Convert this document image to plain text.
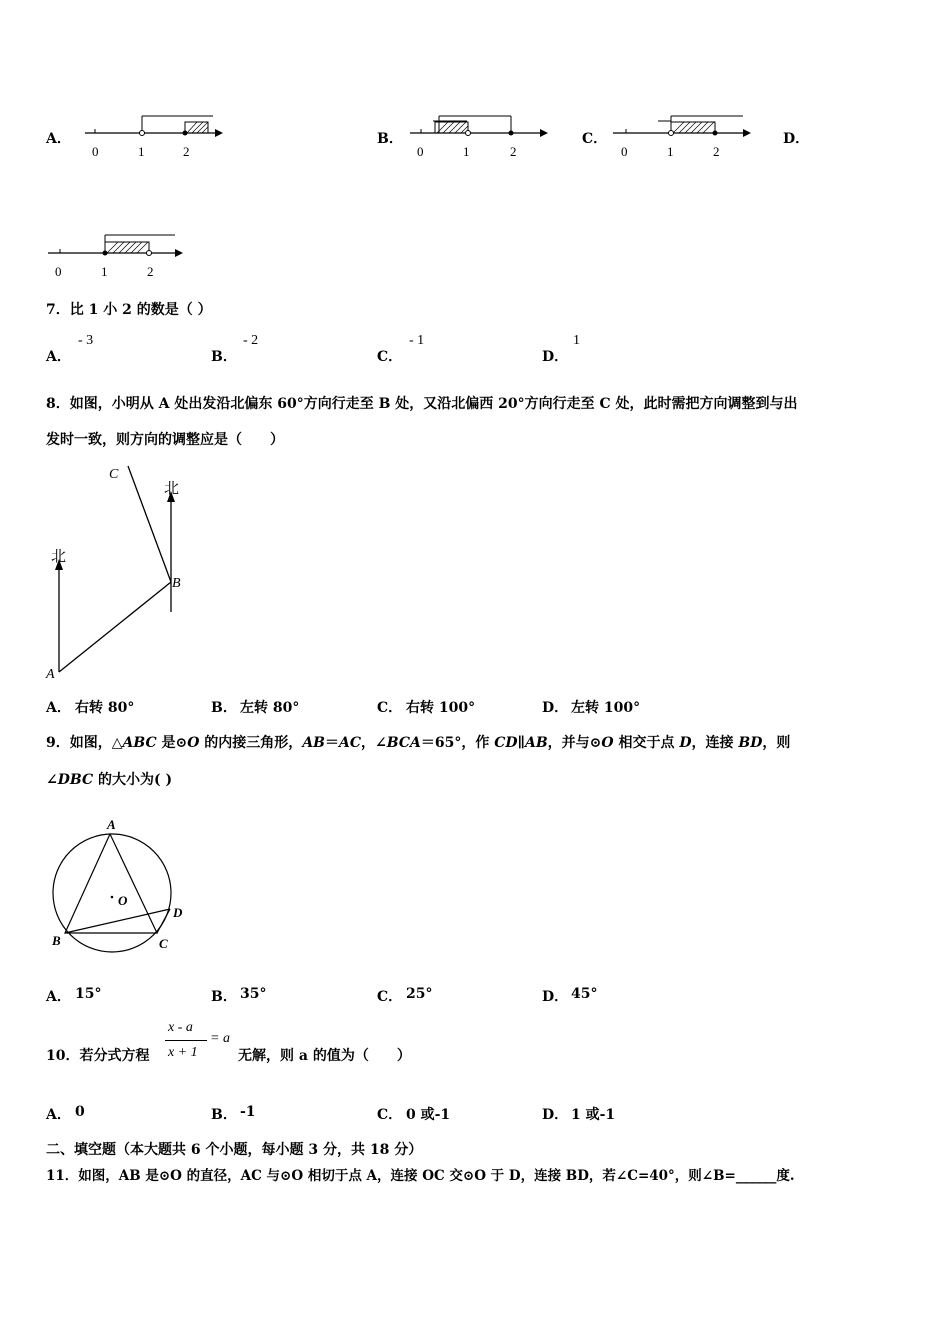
A．
0	1	2
B．
0	1	2
C．
0	1	2
D．
0	1	2
7．比 1 小 2 的数是（ ）
A．
- 3
B．
- 2
C．
- 1
D．
1
8．如图，小明从 A 处出发沿北偏东 60°方向行走至 B 处，又沿北偏西 20°方向行走至 C 处，此时需把方向调整到与出
发时一致，则方向的调整应是（　　）
北
北
A
B
C
A． 右转 80°	B． 左转 80°	C． 右转 100°	D． 左转 100°
9．如图，△ABC 是⊙O 的内接三角形，AB＝AC，∠BCA＝65°，作 CD∥AB，并与⊙O 相交于点 D，连接 BD，则
∠DBC 的大小为( )
A
B	C
D
O
A． 15°	B． 35°	C． 25°	D． 45°
10．若分式方程
x - a
x + 1
= a
无解，则 a 的值为（　　）
A． 0	B． -1	C． 0 或-1	D． 1 或-1
二、填空题（本大题共 6 个小题，每小题 3 分，共 18 分）
11．如图，AB 是⊙O 的直径，AC 与⊙O 相切于点 A，连接 OC 交⊙O 于 D，连接 BD，若∠C=40°，则∠B=______度.
